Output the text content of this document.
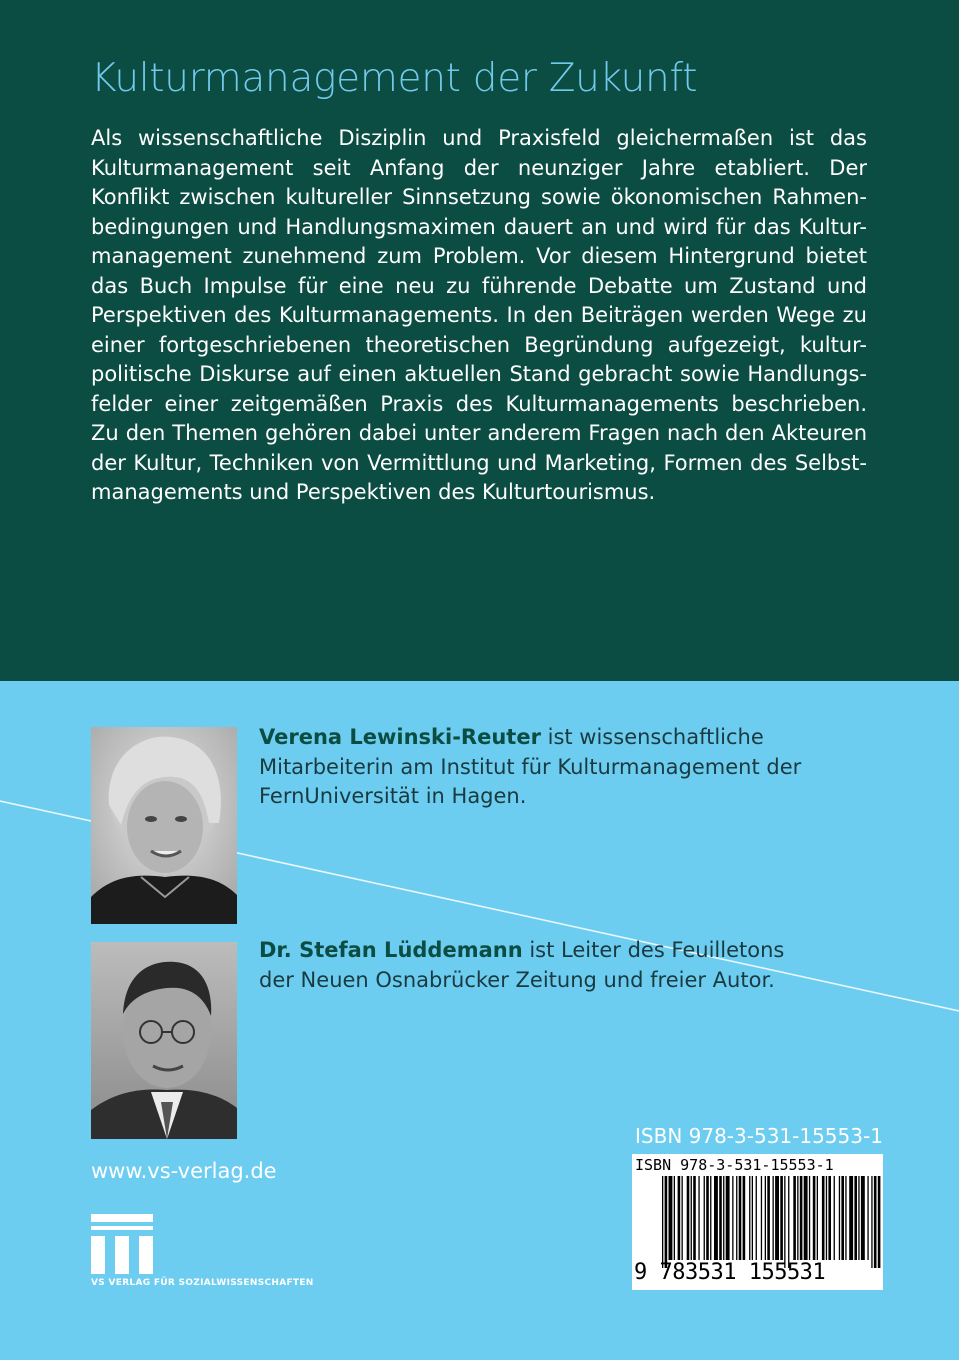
Kulturmanagement der Zukunft
Als wissenschaftliche Disziplin und Praxisfeld gleichermaßen ist das
Kulturmanagement seit Anfang der neunziger Jahre etabliert. Der
Konflikt zwischen kultureller Sinnsetzung sowie ökonomischen Rahmen-
bedingungen und Handlungsmaximen dauert an und wird für das Kultur-
management zunehmend zum Problem. Vor diesem Hintergrund bietet
das Buch Impulse für eine neu zu führende Debatte um Zustand und
Perspektiven des Kulturmanagements. In den Beiträgen werden Wege zu
einer fortgeschriebenen theoretischen Begründung aufgezeigt, kultur-
politische Diskurse auf einen aktuellen Stand gebracht sowie Handlungs-
felder einer zeitgemäßen Praxis des Kulturmanagements beschrieben.
Zu den Themen gehören dabei unter anderem Fragen nach den Akteuren
der Kultur, Techniken von Vermittlung und Marketing, Formen des Selbst-
managements und Perspektiven des Kulturtourismus.
Verena Lewinski-Reuter ist wissenschaftliche
Mitarbeiterin am Institut für Kulturmanagement der
FernUniversität in Hagen.
Dr. Stefan Lüddemann ist Leiter des Feuilletons
der Neuen Osnabrücker Zeitung und freier Autor.

www.vs-verlag.de

VS VERLAG FÜR SOZIALWISSENSCHAFTEN

ISBN 978-3-531-15553-1

ISBN 978-3-531-15553-1

9 783531 155531
